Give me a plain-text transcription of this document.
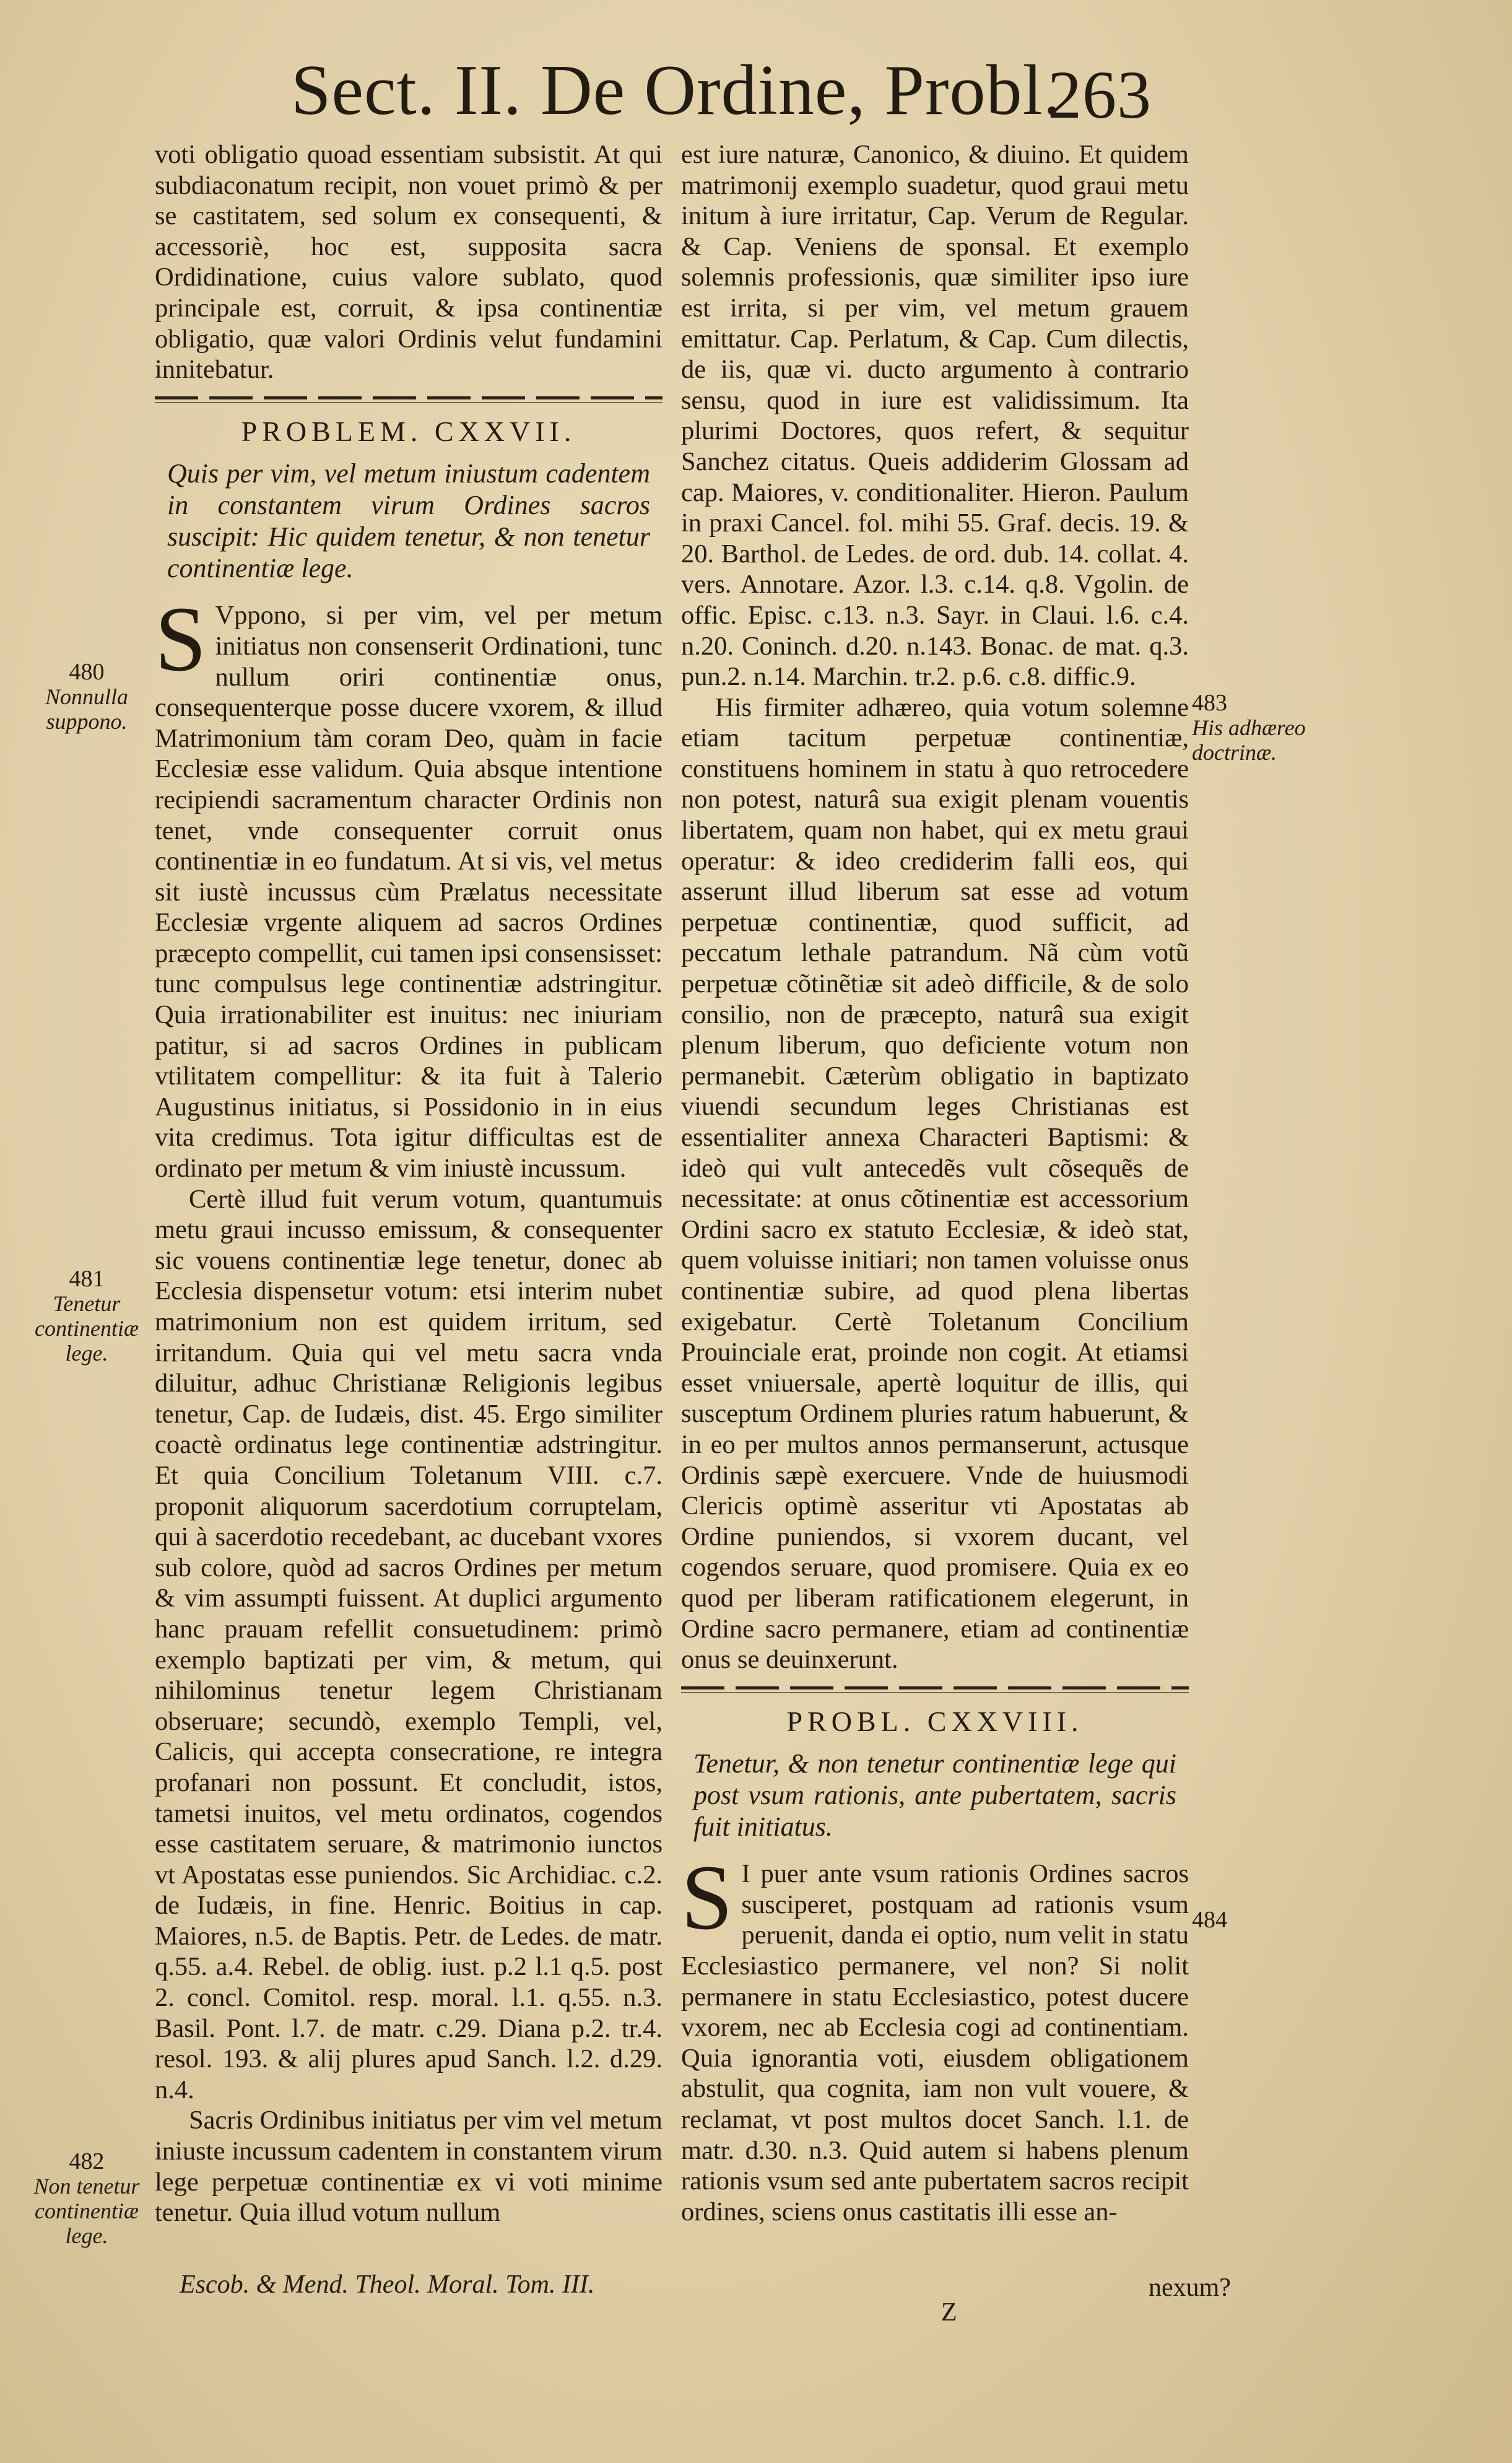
Sect. II. De Ordine, Probl.
263

voti obligatio quoad essentiam subsistit. At qui subdiaconatum recipit, non vouet primò & per se castitatem, sed solum ex consequenti, & accessoriè, hoc est, supposita sacra Ordidinatione, cuius valore sublato, quod principale est, corruit, & ipsa continentiæ obligatio, quæ valori Ordinis velut fundamini innitebatur.

PROBLEM. CXXVII.
Quis per vim, vel metum iniustum cadentem in constantem virum Ordines sacros suscipit: Hic quidem tenetur, & non tenetur continentiæ lege.

S Vppono, si per vim, vel per metum initiatus non consenserit Ordinationi, tunc nullum oriri continentiæ onus, consequenterque posse ducere vxorem, & illud Matrimonium tàm coram Deo, quàm in facie Ecclesiæ esse validum. Quia absque intentione recipiendi sacramentum character Ordinis non tenet, vnde consequenter corruit onus continentiæ in eo fundatum. At si vis, vel metus sit iustè incussus cùm Prælatus necessitate Ecclesiæ vrgente aliquem ad sacros Ordines præcepto compellit, cui tamen ipsi consensisset: tunc compulsus lege continentiæ adstringitur. Quia irrationabiliter est inuitus: nec iniuriam patitur, si ad sacros Ordines in publicam vtilitatem compellitur: & ita fuit à Talerio Augustinus initiatus, si Possidonio in in eius vita credimus. Tota igitur difficultas est de ordinato per metum & vim iniustè incussum.

Certè illud fuit verum votum, quantumuis metu graui incusso emissum, & consequenter sic vouens continentiæ lege tenetur, donec ab Ecclesia dispensetur votum: etsi interim nubet matrimonium non est quidem irritum, sed irritandum. Quia qui vel metu sacra vnda diluitur, adhuc Christianæ Religionis legibus tenetur, Cap. de Iudæis, dist. 45. Ergo similiter coactè ordinatus lege continentiæ adstringitur. Et quia Concilium Toletanum VIII. c.7. proponit aliquorum sacerdotium corruptelam, qui à sacerdotio recedebant, ac ducebant vxores sub colore, quòd ad sacros Ordines per metum & vim assumpti fuissent. At duplici argumento hanc prauam refellit consuetudinem: primò exemplo baptizati per vim, & metum, qui nihilominus tenetur legem Christianam obseruare; secundò, exemplo Templi, vel, Calicis, qui accepta consecratione, re integra profanari non possunt. Et concludit, istos, tametsi inuitos, vel metu ordinatos, cogendos esse castitatem seruare, & matrimonio iunctos vt Apostatas esse puniendos. Sic Archidiac. c.2. de Iudæis, in fine. Henric. Boitius in cap. Maiores, n.5. de Baptis. Petr. de Ledes. de matr. q.55. a.4. Rebel. de oblig. iust. p.2 l.1 q.5. post 2. concl. Comitol. resp. moral. l.1. q.55. n.3. Basil. Pont. l.7. de matr. c.29. Diana p.2. tr.4. resol. 193. & alij plures apud Sanch. l.2. d.29. n.4.

Sacris Ordinibus initiatus per vim vel metum iniuste incussum cadentem in constantem virum lege perpetuæ continentiæ ex vi voti minime tenetur. Quia illud votum nullum

est iure naturæ, Canonico, & diuino. Et quidem matrimonij exemplo suadetur, quod graui metu initum à iure irritatur, Cap. Verum de Regular. & Cap. Veniens de sponsal. Et exemplo solemnis professionis, quæ similiter ipso iure est irrita, si per vim, vel metum grauem emittatur. Cap. Perlatum, & Cap. Cum dilectis, de iis, quæ vi. ducto argumento à contrario sensu, quod in iure est validissimum. Ita plurimi Doctores, quos refert, & sequitur Sanchez citatus. Queis addiderim Glossam ad cap. Maiores, v. conditionaliter. Hieron. Paulum in praxi Cancel. fol. mihi 55. Graf. decis. 19. & 20. Barthol. de Ledes. de ord. dub. 14. collat. 4. vers. Annotare. Azor. l.3. c.14. q.8. Vgolin. de offic. Episc. c.13. n.3. Sayr. in Claui. l.6. c.4. n.20. Coninch. d.20. n.143. Bonac. de mat. q.3. pun.2. n.14. Marchin. tr.2. p.6. c.8. diffic.9.

His firmiter adhæreo, quia votum solemne etiam tacitum perpetuæ continentiæ, constituens hominem in statu à quo retrocedere non potest, naturâ sua exigit plenam vouentis libertatem, quam non habet, qui ex metu graui operatur: & ideo crediderim falli eos, qui asserunt illud liberum sat esse ad votum perpetuæ continentiæ, quod sufficit, ad peccatum lethale patrandum. Nã cùm votũ perpetuæ cõtinẽtiæ sit adeò difficile, & de solo consilio, non de præcepto, naturâ sua exigit plenum liberum, quo deficiente votum non permanebit. Cæterùm obligatio in baptizato viuendi secundum leges Christianas est essentialiter annexa Characteri Baptismi: & ideò qui vult antecedẽs vult cõsequẽs de necessitate: at onus cõtinentiæ est accessorium Ordini sacro ex statuto Ecclesiæ, & ideò stat, quem voluisse initiari; non tamen voluisse onus continentiæ subire, ad quod plena libertas exigebatur. Certè Toletanum Concilium Prouinciale erat, proinde non cogit. At etiamsi esset vniuersale, apertè loquitur de illis, qui susceptum Ordinem pluries ratum habuerunt, & in eo per multos annos permanserunt, actusque Ordinis sæpè exercuere. Vnde de huiusmodi Clericis optimè asseritur vti Apostatas ab Ordine puniendos, si vxorem ducant, vel cogendos seruare, quod promisere. Quia ex eo quod per liberam ratificationem elegerunt, in Ordine sacro permanere, etiam ad continentiæ onus se deuinxerunt.

PROBL. CXXVIII.
Tenetur, & non tenetur continentiæ lege qui post vsum rationis, ante pubertatem, sacris fuit initiatus.

S I puer ante vsum rationis Ordines sacros susciperet, postquam ad rationis vsum peruenit, danda ei optio, num velit in statu Ecclesiastico permanere, vel non? Si nolit permanere in statu Ecclesiastico, potest ducere vxorem, nec ab Ecclesia cogi ad continentiam. Quia ignorantia voti, eiusdem obligationem abstulit, qua cognita, iam non vult vouere, & reclamat, vt post multos docet Sanch. l.1. de matr. d.30. n.3. Quid autem si habens plenum rationis vsum sed ante pubertatem sacros recipit ordines, sciens onus castitatis illi esse an-

480
Nonnulla suppono.
481
Tenetur continentiæ lege.
482
Non tenetur continentiæ lege.
483
His adhæreo doctrinæ.
484
Escob. & Mend. Theol. Moral. Tom. III.
Z
nexum?
